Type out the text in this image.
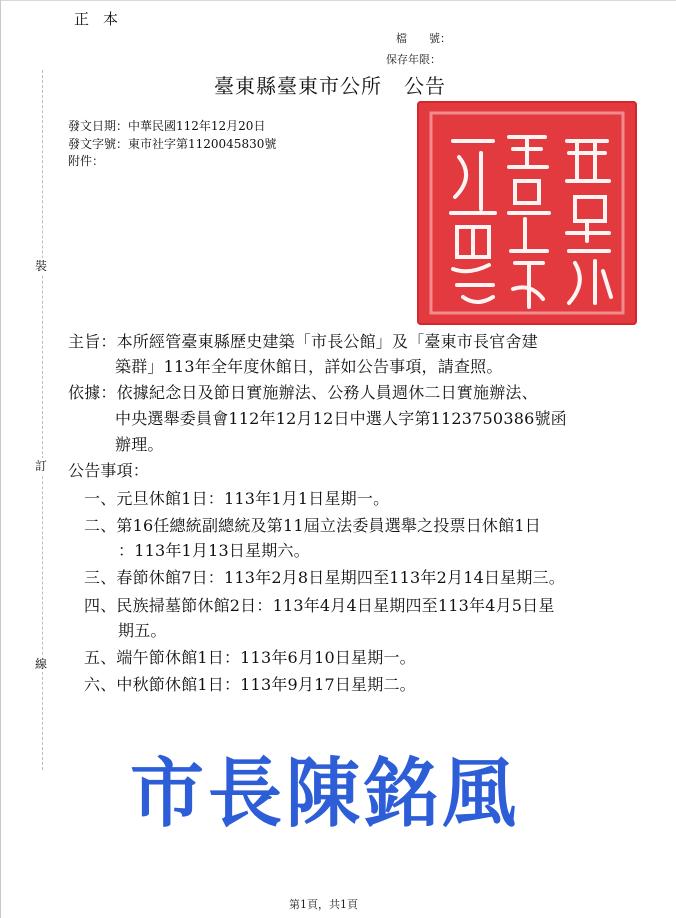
正本
檔　　號：
保存年限：
裝
訂
線
臺東縣臺東市公所 公告
發文日期：中華民國112年12月20日
發文字號：東市社字第1120045830號
附件：
主旨：本所經管臺東縣歷史建築「市長公館」及「臺東市長官舍建
築群」113年全年度休館日，詳如公告事項，請查照。
依據：依據紀念日及節日實施辦法、公務人員週休二日實施辦法、
中央選舉委員會112年12月12日中選人字第1123750386號函
辦理。
公告事項：
一、元旦休館1日：113年1月1日星期一。
二、第16任總統副總統及第11屆立法委員選舉之投票日休館1日
：113年1月13日星期六。
三、春節休館7日：113年2月8日星期四至113年2月14日星期三。
四、民族掃墓節休館2日：113年4月4日星期四至113年4月5日星
期五。
五、端午節休館1日：113年6月10日星期一。
六、中秋節休館1日：113年9月17日星期二。
市長陳銘風
第1頁，共1頁
